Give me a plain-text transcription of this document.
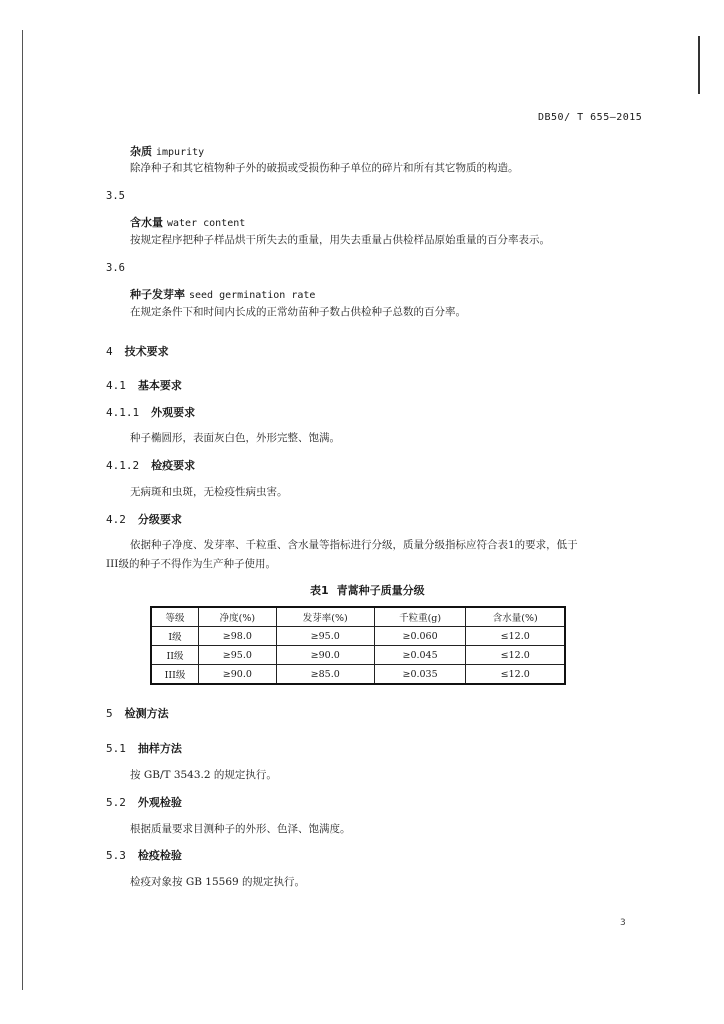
DB50/ T 655—2015
杂质 impurity
除净种子和其它植物种子外的破损或受损伤种子单位的碎片和所有其它物质的构造。
3.5
含水量 water content
按规定程序把种子样品烘干所失去的重量，用失去重量占供检样品原始重量的百分率表示。
3.6
种子发芽率 seed germination rate
在规定条件下和时间内长成的正常幼苗种子数占供检种子总数的百分率。
4 技术要求
4.1 基本要求
4.1.1 外观要求
种子椭圆形，表面灰白色，外形完整、饱满。
4.1.2 检疫要求
无病斑和虫斑，无检疫性病虫害。
4.2 分级要求
依据种子净度、发芽率、千粒重、含水量等指标进行分级，质量分级指标应符合表1的要求，低于
III级的种子不得作为生产种子使用。
表1 青蒿种子质量分级
等级	净度(%)	发芽率(%)	千粒重(g)	含水量(%)
I级	≥98.0	≥95.0	≥0.060	≤12.0
II级	≥95.0	≥90.0	≥0.045	≤12.0
III级	≥90.0	≥85.0	≥0.035	≤12.0
5 检测方法
5.1 抽样方法
按 GB/T 3543.2 的规定执行。
5.2 外观检验
根据质量要求目测种子的外形、色泽、饱满度。
5.3 检疫检验
检疫对象按 GB 15569 的规定执行。
3
